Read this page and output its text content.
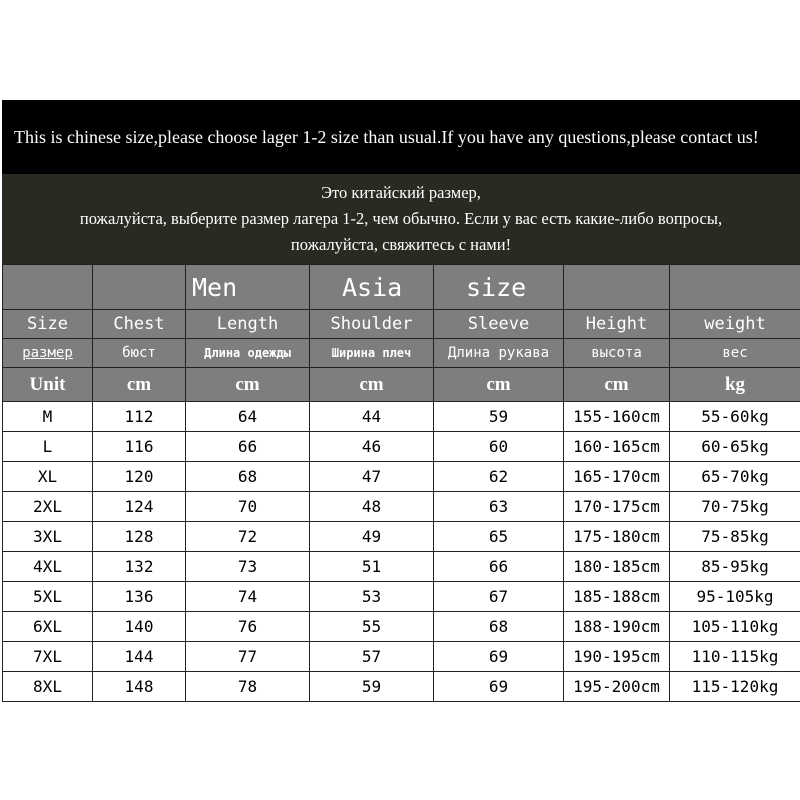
This is chinese size,please choose lager 1-2 size than usual.If you have any questions,please contact us!
Это китайский размер,
пожалуйста, выберите размер лагера 1-2, чем обычно. Если у вас есть какие-либо вопросы,
пожалуйста, свяжитесь с нами!
		Men	Asia	size		
Size	Chest	Length	Shoulder	Sleeve	Height	weight
размер	бюст	Длина одежды	Ширина плеч	Длина рукава	высота	вес
Unit	cm	cm	cm	cm	cm	kg
M	112	64	44	59	155-160cm	55-60kg
L	116	66	46	60	160-165cm	60-65kg
XL	120	68	47	62	165-170cm	65-70kg
2XL	124	70	48	63	170-175cm	70-75kg
3XL	128	72	49	65	175-180cm	75-85kg
4XL	132	73	51	66	180-185cm	85-95kg
5XL	136	74	53	67	185-188cm	95-105kg
6XL	140	76	55	68	188-190cm	105-110kg
7XL	144	77	57	69	190-195cm	110-115kg
8XL	148	78	59	69	195-200cm	115-120kg
